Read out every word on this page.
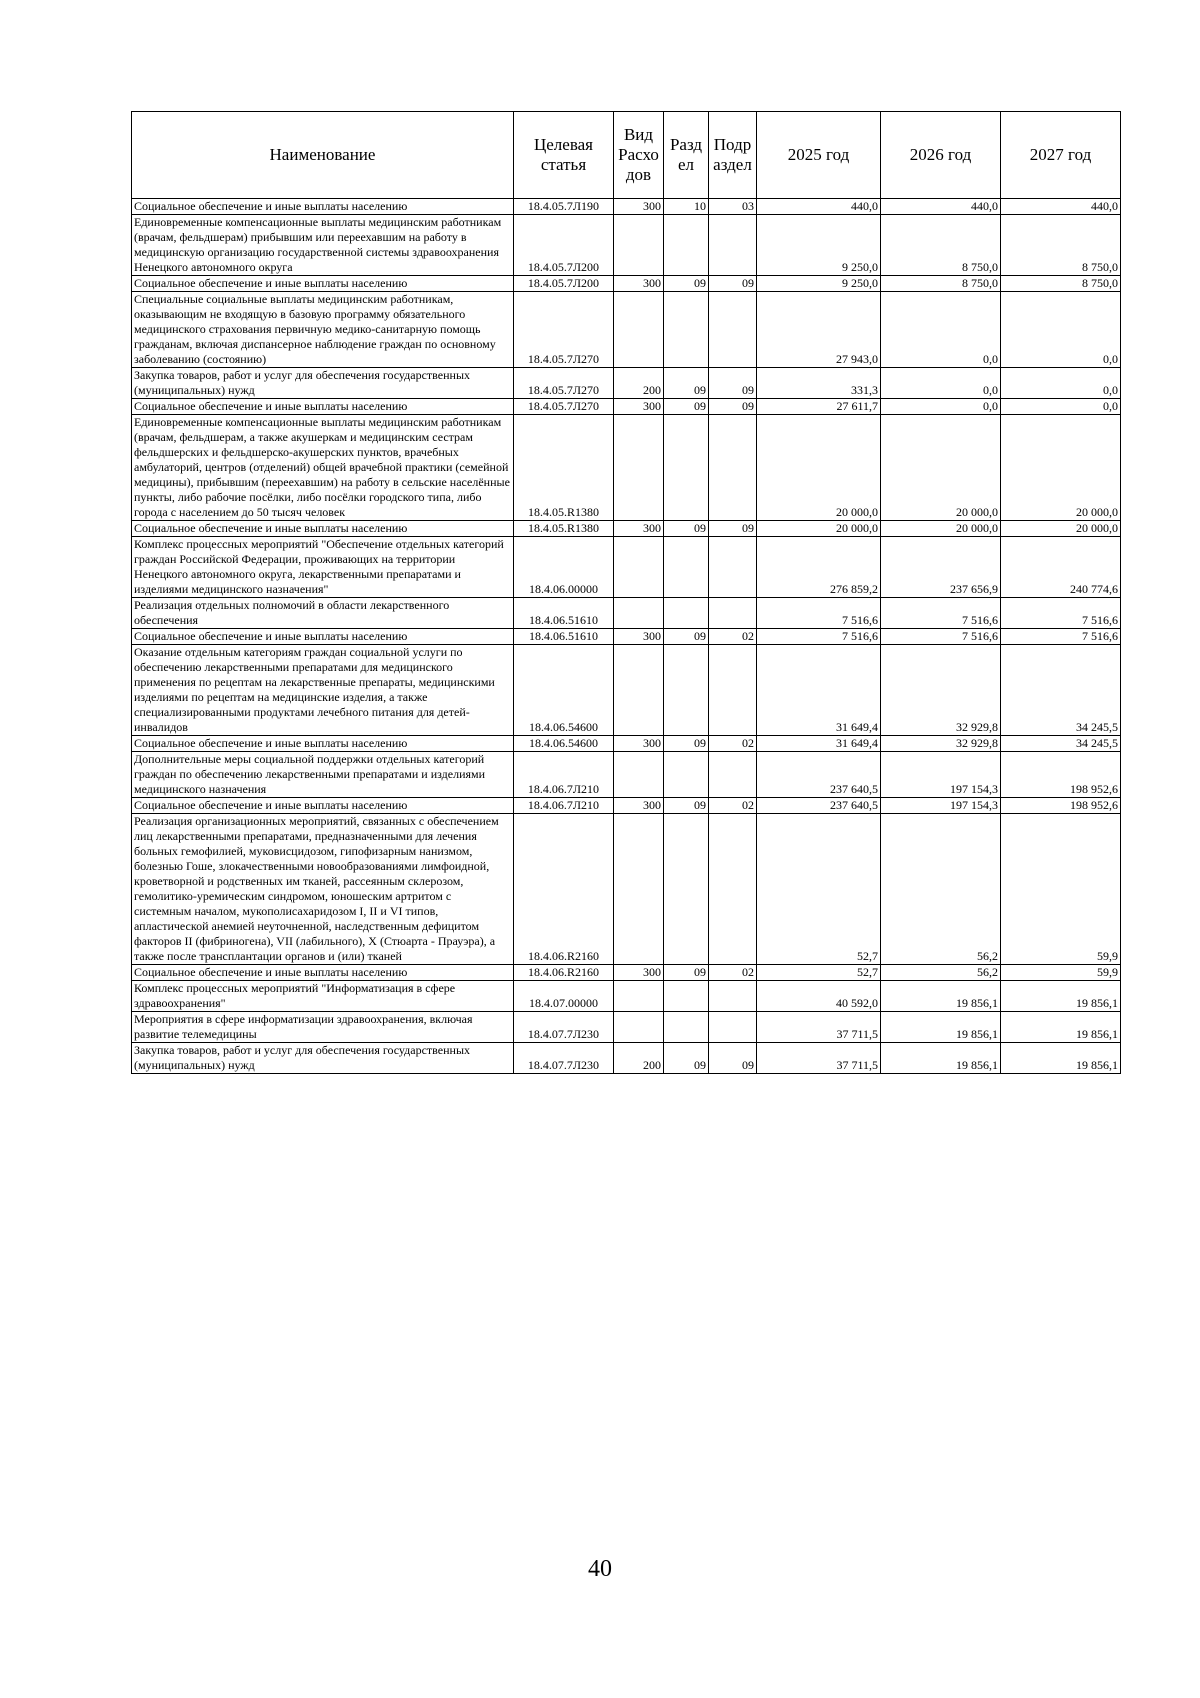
Наименование	Целевая статья	Вид Расхо дов	Разд ел	Подр аздел	2025 год	2026 год	2027 год
Социальное обеспечение и иные выплаты населению	18.4.05.7Л190	300	10	03	440,0	440,0	440,0
Единовременные компенсационные выплаты медицинским работникам (врачам, фельдшерам) прибывшим или переехавшим на работу в медицинскую организацию государственной системы здравоохранения Ненецкого автономного округа	18.4.05.7Л200				9 250,0	8 750,0	8 750,0
Социальное обеспечение и иные выплаты населению	18.4.05.7Л200	300	09	09	9 250,0	8 750,0	8 750,0
Специальные социальные выплаты медицинским работникам, оказывающим не входящую в базовую программу обязательного медицинского страхования первичную медико-санитарную помощь гражданам, включая диспансерное наблюдение граждан по основному заболеванию (состоянию)	18.4.05.7Л270				27 943,0	0,0	0,0
Закупка товаров, работ и услуг для обеспечения государственных (муниципальных) нужд	18.4.05.7Л270	200	09	09	331,3	0,0	0,0
Социальное обеспечение и иные выплаты населению	18.4.05.7Л270	300	09	09	27 611,7	0,0	0,0
Единовременные компенсационные выплаты медицинским работникам (врачам, фельдшерам, а также акушеркам и медицинским сестрам фельдшерских и фельдшерско-акушерских пунктов, врачебных амбулаторий, центров (отделений) общей врачебной практики (семейной медицины), прибывшим (переехавшим) на работу в сельские населённые пункты, либо рабочие посёлки, либо посёлки городского типа, либо города с населением до 50 тысяч человек	18.4.05.R1380				20 000,0	20 000,0	20 000,0
Социальное обеспечение и иные выплаты населению	18.4.05.R1380	300	09	09	20 000,0	20 000,0	20 000,0
Комплекс процессных мероприятий "Обеспечение отдельных категорий граждан Российской Федерации, проживающих на территории Ненецкого автономного округа, лекарственными препаратами и изделиями медицинского назначения"	18.4.06.00000				276 859,2	237 656,9	240 774,6
Реализация отдельных полномочий в области лекарственного обеспечения	18.4.06.51610				7 516,6	7 516,6	7 516,6
Социальное обеспечение и иные выплаты населению	18.4.06.51610	300	09	02	7 516,6	7 516,6	7 516,6
Оказание отдельным категориям граждан социальной услуги по обеспечению лекарственными препаратами для медицинского применения по рецептам на лекарственные препараты, медицинскими изделиями по рецептам на медицинские изделия, а также специализированными продуктами лечебного питания для детей-инвалидов	18.4.06.54600				31 649,4	32 929,8	34 245,5
Социальное обеспечение и иные выплаты населению	18.4.06.54600	300	09	02	31 649,4	32 929,8	34 245,5
Дополнительные меры социальной поддержки отдельных категорий граждан по обеспечению лекарственными препаратами и изделиями медицинского назначения	18.4.06.7Л210				237 640,5	197 154,3	198 952,6
Социальное обеспечение и иные выплаты населению	18.4.06.7Л210	300	09	02	237 640,5	197 154,3	198 952,6
Реализация организационных мероприятий, связанных с обеспечением лиц лекарственными препаратами, предназначенными для лечения больных гемофилией, муковисцидозом, гипофизарным нанизмом, болезнью Гоше, злокачественными новообразованиями лимфоидной, кроветворной и родственных им тканей, рассеянным склерозом, гемолитико-уремическим синдромом, юношеским артритом с системным началом, мукополисахаридозом I, II и VI типов, апластической анемией неуточненной, наследственным дефицитом факторов II (фибриногена), VII (лабильного), X (Стюарта - Прауэра), а также после трансплантации органов и (или) тканей	18.4.06.R2160				52,7	56,2	59,9
Социальное обеспечение и иные выплаты населению	18.4.06.R2160	300	09	02	52,7	56,2	59,9
Комплекс процессных мероприятий "Информатизация в сфере здравоохранения"	18.4.07.00000				40 592,0	19 856,1	19 856,1
Мероприятия в сфере информатизации здравоохранения, включая развитие телемедицины	18.4.07.7Л230				37 711,5	19 856,1	19 856,1
Закупка товаров, работ и услуг для обеспечения государственных (муниципальных) нужд	18.4.07.7Л230	200	09	09	37 711,5	19 856,1	19 856,1
40
